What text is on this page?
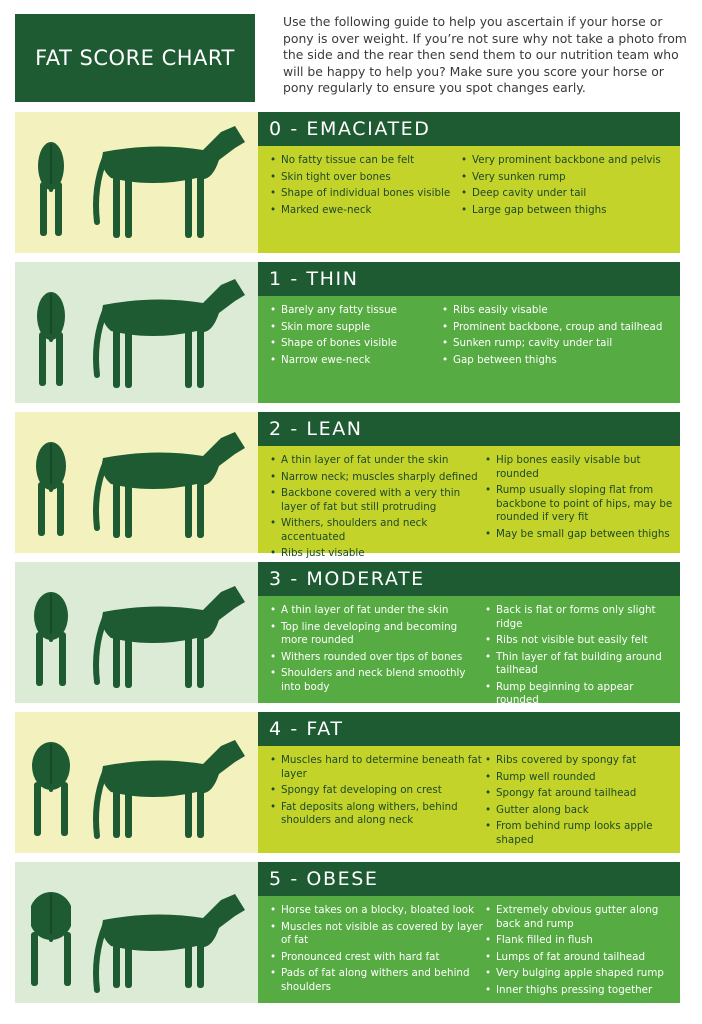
FAT SCORE CHART

Use the following guide to help you ascertain if your horse or pony is over weight. If you’re not sure why not take a photo from the side and the rear then send them to our nutrition team who will be happy to help you? Make sure you score your horse or pony regularly to ensure you spot changes early.

0 - EMACIATED
• No fatty tissue can be felt
• Skin tight over bones
• Shape of individual bones visible
• Marked ewe-neck
• Very prominent backbone and pelvis
• Very sunken rump
• Deep cavity under tail
• Large gap between thighs
1 - THIN
• Barely any fatty tissue
• Skin more supple
• Shape of bones visible
• Narrow ewe-neck
• Ribs easily visable
• Prominent backbone, croup and tailhead
• Sunken rump; cavity under tail
• Gap between thighs
2 - LEAN
• A thin layer of fat under the skin
• Narrow neck; muscles sharply defined
• Backbone covered with a very thin layer of fat but still protruding
• Withers, shoulders and neck accentuated
• Ribs just visable
• Hip bones easily visable but rounded
• Rump usually sloping flat from backbone to point of hips, may be rounded if very fit
• May be small gap between thighs
3 - MODERATE
• A thin layer of fat under the skin
• Top line developing and becoming more rounded
• Withers rounded over tips of bones
• Shoulders and neck blend smoothly into body
• Back is flat or forms only slight ridge
• Ribs not visible but easily felt
• Thin layer of fat building around tailhead
• Rump beginning to appear rounded
•
4 - FAT
• Muscles hard to determine beneath fat layer
• Spongy fat developing on crest
• Fat deposits along withers, behind shoulders and along neck
• Ribs covered by spongy fat
• Rump well rounded
• Spongy fat around tailhead
• Gutter along back
• From behind rump looks apple shaped
5 - OBESE
• Horse takes on a blocky, bloated look
• Muscles not visible as covered by layer of fat
• Pronounced crest with hard fat
• Pads of fat along withers and behind shoulders
• Extremely obvious gutter along back and rump
• Flank filled in flush
• Lumps of fat around tailhead
• Very bulging apple shaped rump
• Inner thighs pressing together
